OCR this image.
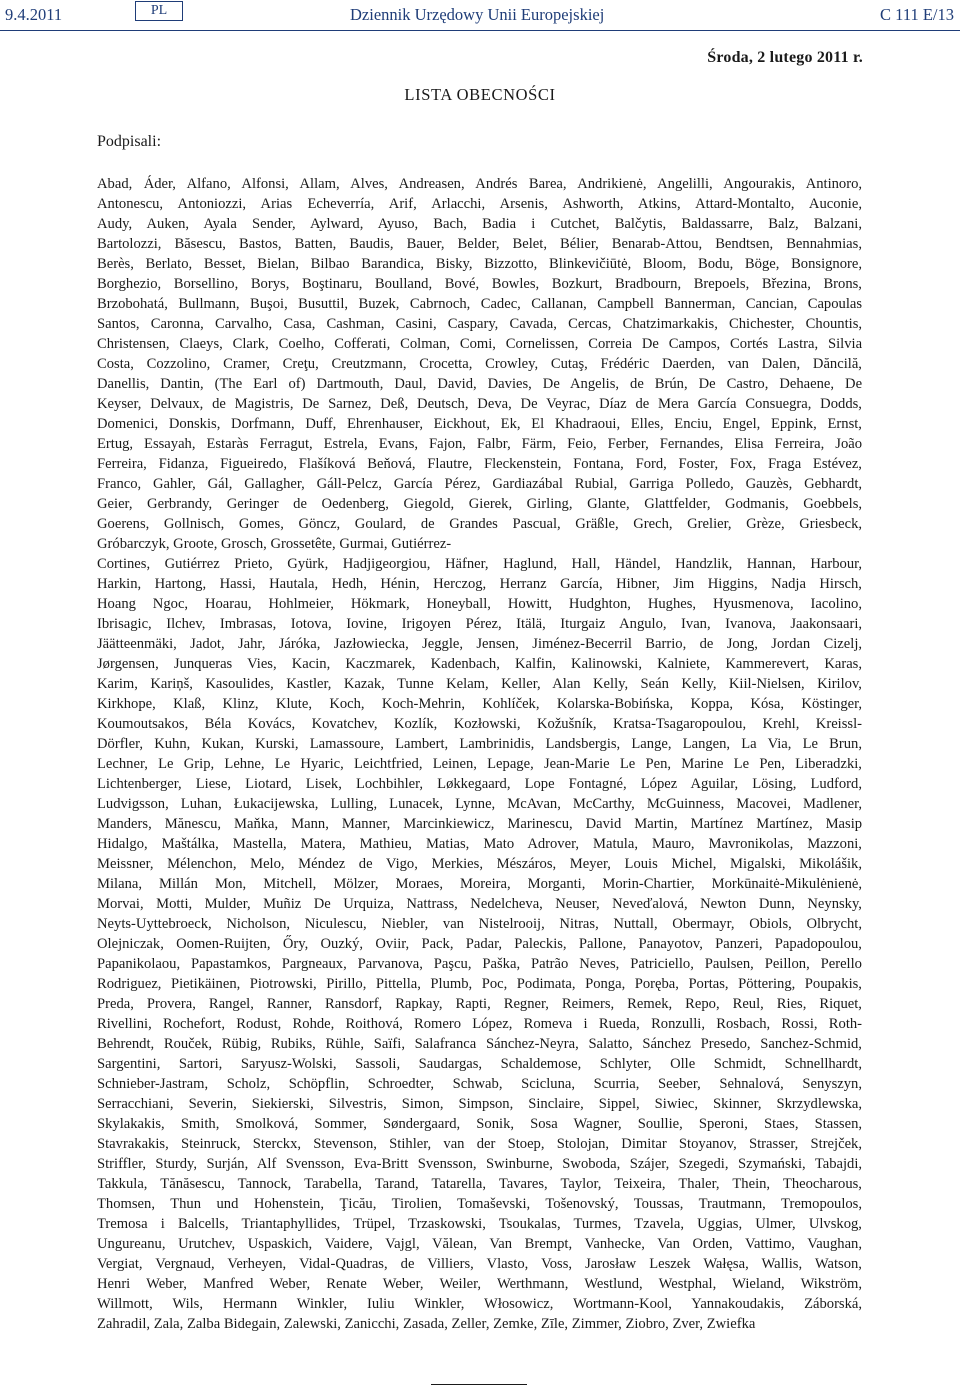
9.4.2011	PL	Dziennik Urzędowy Unii Europejskiej	C 111 E/13
Środa, 2 lutego 2011 r.
LISTA OBECNOŚCI
Podpisali:
Abad, Áder, Alfano, Alfonsi, Allam, Alves, Andreasen, Andrés Barea, Andrikienė, Angelilli, Angourakis, Antinoro,
Antonescu, Antoniozzi, Arias Echeverría, Arif, Arlacchi, Arsenis, Ashworth, Atkins, Attard-Montalto, Auconie,
Audy, Auken, Ayala Sender, Aylward, Ayuso, Bach, Badia i Cutchet, Balčytis, Baldassarre, Balz, Balzani,
Bartolozzi, Băsescu, Bastos, Batten, Baudis, Bauer, Belder, Belet, Bélier, Benarab-Attou, Bendtsen, Bennahmias,
Berès, Berlato, Besset, Bielan, Bilbao Barandica, Bisky, Bizzotto, Blinkevičiūtė, Bloom, Bodu, Böge, Bonsignore,
Borghezio, Borsellino, Borys, Boştinaru, Boulland, Bové, Bowles, Bozkurt, Bradbourn, Brepoels, Březina, Brons,
Brzobohatá, Bullmann, Buşoi, Busuttil, Buzek, Cabrnoch, Cadec, Callanan, Campbell Bannerman, Cancian, Capoulas
Santos, Caronna, Carvalho, Casa, Cashman, Casini, Caspary, Cavada, Cercas, Chatzimarkakis, Chichester, Chountis,
Christensen, Claeys, Clark, Coelho, Cofferati, Colman, Comi, Cornelissen, Correia De Campos, Cortés Lastra, Silvia
Costa, Cozzolino, Cramer, Creţu, Creutzmann, Crocetta, Crowley, Cutaş, Frédéric Daerden, van Dalen, Dăncilă,
Danellis, Dantin, (The Earl of) Dartmouth, Daul, David, Davies, De Angelis, de Brún, De Castro, Dehaene, De
Keyser, Delvaux, de Magistris, De Sarnez, Deß, Deutsch, Deva, De Veyrac, Díaz de Mera García Consuegra, Dodds,
Domenici, Donskis, Dorfmann, Duff, Ehrenhauser, Eickhout, Ek, El Khadraoui, Elles, Enciu, Engel, Eppink, Ernst,
Ertug, Essayah, Estaràs Ferragut, Estrela, Evans, Fajon, Falbr, Färm, Feio, Ferber, Fernandes, Elisa Ferreira, João
Ferreira, Fidanza, Figueiredo, Flašíková Beňová, Flautre, Fleckenstein, Fontana, Ford, Foster, Fox, Fraga Estévez,
Franco, Gahler, Gál, Gallagher, Gáll-Pelcz, García Pérez, Gardiazábal Rubial, Garriga Polledo, Gauzès, Gebhardt,
Geier, Gerbrandy, Geringer de Oedenberg, Giegold, Gierek, Girling, Glante, Glattfelder, Godmanis, Goebbels,
Goerens, Gollnisch, Gomes, Göncz, Goulard, de Grandes Pascual, Gräßle, Grech, Grelier, Grèze, Griesbeck,
Gróbarczyk, Groote, Grosch, Grossetête, Gurmai, Gutiérrez-
Cortines, Gutiérrez Prieto, Gyürk, Hadjigeorgiou, Häfner, Haglund, Hall, Händel, Handzlik, Hannan, Harbour,
Harkin, Hartong, Hassi, Hautala, Hedh, Hénin, Herczog, Herranz García, Hibner, Jim Higgins, Nadja Hirsch,
Hoang Ngoc, Hoarau, Hohlmeier, Hökmark, Honeyball, Howitt, Hudghton, Hughes, Hyusmenova, Iacolino,
Ibrisagic, Ilchev, Imbrasas, Iotova, Iovine, Irigoyen Pérez, Itälä, Iturgaiz Angulo, Ivan, Ivanova, Jaakonsaari,
Jäätteenmäki, Jadot, Jahr, Járóka, Jazłowiecka, Jeggle, Jensen, Jiménez-Becerril Barrio, de Jong, Jordan Cizelj,
Jørgensen, Junqueras Vies, Kacin, Kaczmarek, Kadenbach, Kalfin, Kalinowski, Kalniete, Kammerevert, Karas,
Karim, Kariņš, Kasoulides, Kastler, Kazak, Tunne Kelam, Keller, Alan Kelly, Seán Kelly, Kiil-Nielsen, Kirilov,
Kirkhope, Klaß, Klinz, Klute, Koch, Koch-Mehrin, Kohlíček, Kolarska-Bobińska, Koppa, Kósa, Köstinger,
Koumoutsakos, Béla Kovács, Kovatchev, Kozlík, Kozłowski, Kožušník, Kratsa-Tsagaropoulou, Krehl, Kreissl-
Dörfler, Kuhn, Kukan, Kurski, Lamassoure, Lambert, Lambrinidis, Landsbergis, Lange, Langen, La Via, Le Brun,
Lechner, Le Grip, Lehne, Le Hyaric, Leichtfried, Leinen, Lepage, Jean-Marie Le Pen, Marine Le Pen, Liberadzki,
Lichtenberger, Liese, Liotard, Lisek, Lochbihler, Løkkegaard, Lope Fontagné, López Aguilar, Lösing, Ludford,
Ludvigsson, Luhan, Łukacijewska, Lulling, Lunacek, Lynne, McAvan, McCarthy, McGuinness, Macovei, Madlener,
Manders, Mănescu, Maňka, Mann, Manner, Marcinkiewicz, Marinescu, David Martin, Martínez Martínez, Masip
Hidalgo, Maštálka, Mastella, Matera, Mathieu, Matias, Mato Adrover, Matula, Mauro, Mavronikolas, Mazzoni,
Meissner, Mélenchon, Melo, Méndez de Vigo, Merkies, Mészáros, Meyer, Louis Michel, Migalski, Mikolášik,
Milana, Millán Mon, Mitchell, Mölzer, Moraes, Moreira, Morganti, Morin-Chartier, Morkūnaitė-Mikulėnienė,
Morvai, Motti, Mulder, Muñiz De Urquiza, Nattrass, Nedelcheva, Neuser, Neveďalová, Newton Dunn, Neynsky,
Neyts-Uyttebroeck, Nicholson, Niculescu, Niebler, van Nistelrooij, Nitras, Nuttall, Obermayr, Obiols, Olbrycht,
Olejniczak, Oomen-Ruijten, Őry, Ouzký, Oviir, Pack, Padar, Paleckis, Pallone, Panayotov, Panzeri, Papadopoulou,
Papanikolaou, Papastamkos, Pargneaux, Parvanova, Paşcu, Paška, Patrão Neves, Patriciello, Paulsen, Peillon, Perello
Rodriguez, Pietikäinen, Piotrowski, Pirillo, Pittella, Plumb, Poc, Podimata, Ponga, Poręba, Portas, Pöttering, Poupakis,
Preda, Provera, Rangel, Ranner, Ransdorf, Rapkay, Rapti, Regner, Reimers, Remek, Repo, Reul, Ries, Riquet,
Rivellini, Rochefort, Rodust, Rohde, Roithová, Romero López, Romeva i Rueda, Ronzulli, Rosbach, Rossi, Roth-
Behrendt, Rouček, Rübig, Rubiks, Rühle, Saïfi, Salafranca Sánchez-Neyra, Salatto, Sánchez Presedo, Sanchez-Schmid,
Sargentini, Sartori, Saryusz-Wolski, Sassoli, Saudargas, Schaldemose, Schlyter, Olle Schmidt, Schnellhardt,
Schnieber-Jastram, Scholz, Schöpflin, Schroedter, Schwab, Scicluna, Scurria, Seeber, Sehnalová, Senyszyn,
Serracchiani, Severin, Siekierski, Silvestris, Simon, Simpson, Sinclaire, Sippel, Siwiec, Skinner, Skrzydlewska,
Skylakakis, Smith, Smolková, Sommer, Søndergaard, Sonik, Sosa Wagner, Soullie, Speroni, Staes, Stassen,
Stavrakakis, Steinruck, Sterckx, Stevenson, Stihler, van der Stoep, Stolojan, Dimitar Stoyanov, Strasser, Strejček,
Striffler, Sturdy, Surján, Alf Svensson, Eva-Britt Svensson, Swinburne, Swoboda, Szájer, Szegedi, Szymański, Tabajdi,
Takkula, Tănăsescu, Tannock, Tarabella, Tarand, Tatarella, Tavares, Taylor, Teixeira, Thaler, Thein, Theocharous,
Thomsen, Thun und Hohenstein, Ţicău, Tirolien, Tomaševski, Tošenovský, Toussas, Trautmann, Tremopoulos,
Tremosa i Balcells, Triantaphyllides, Trüpel, Trzaskowski, Tsoukalas, Turmes, Tzavela, Uggias, Ulmer, Ulvskog,
Ungureanu, Urutchev, Uspaskich, Vaidere, Vajgl, Vălean, Van Brempt, Vanhecke, Van Orden, Vattimo, Vaughan,
Vergiat, Vergnaud, Verheyen, Vidal-Quadras, de Villiers, Vlasto, Voss, Jarosław Leszek Wałęsa, Wallis, Watson,
Henri Weber, Manfred Weber, Renate Weber, Weiler, Werthmann, Westlund, Westphal, Wieland, Wikström,
Willmott, Wils, Hermann Winkler, Iuliu Winkler, Włosowicz, Wortmann-Kool, Yannakoudakis, Záborská,
Zahradil, Zala, Zalba Bidegain, Zalewski, Zanicchi, Zasada, Zeller, Zemke, Zīle, Zimmer, Ziobro, Zver, Zwiefka
